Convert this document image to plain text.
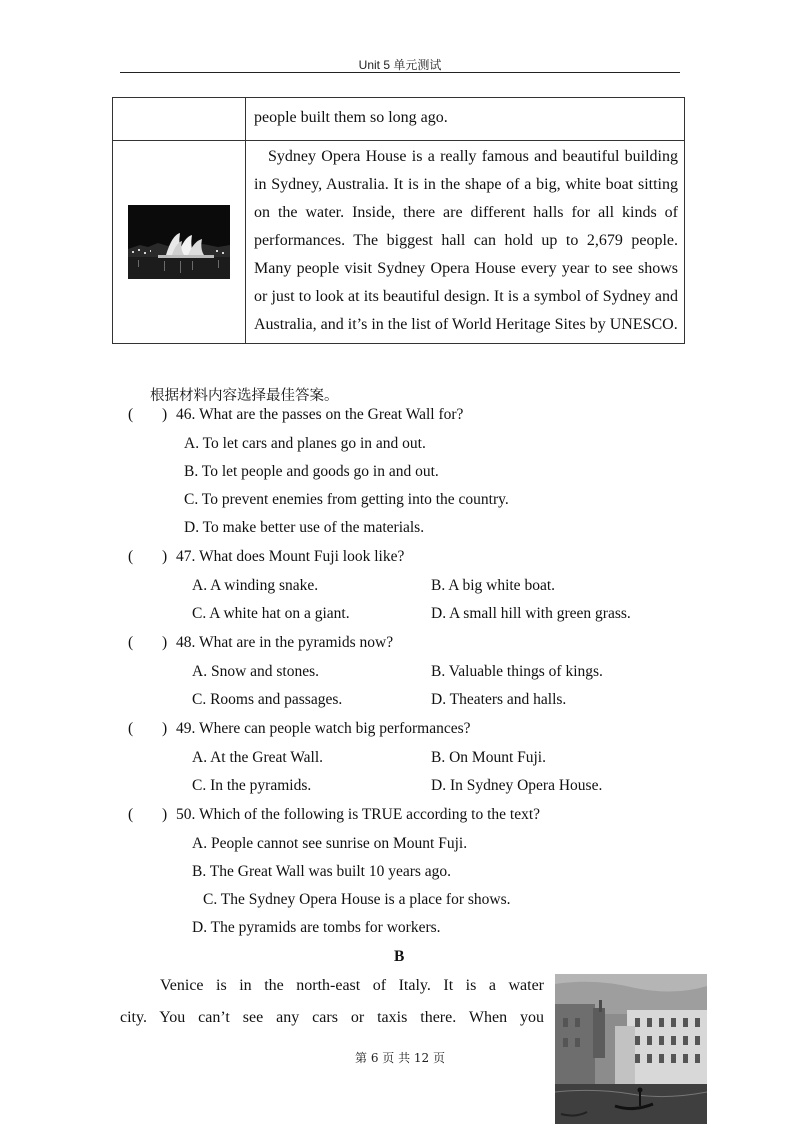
Unit 5 单元测试
	people built them so long ago.

	Sydney Opera House is a really famous and beautiful building in Sydney, Australia. It is in the shape of a big, white boat sitting on the water. Inside, there are different halls for all kinds of performances. The biggest hall can hold up to 2,679 people. Many people visit Sydney Opera House every year to see shows or just to look at its beautiful design. It is a symbol of Sydney and Australia, and it’s in the list of World Heritage Sites by UNESCO.
根据材料内容选择最佳答案。
( ) 46. What are the passes on the Great Wall for?
A. To let cars and planes go in and out.
B. To let people and goods go in and out.
C. To prevent enemies from getting into the country.
D. To make better use of the materials.
( ) 47. What does Mount Fuji look like?
A. A winding snake.	B. A big white boat.
C. A white hat on a giant.	D. A small hill with green grass.
( ) 48. What are in the pyramids now?
A. Snow and stones.	B. Valuable things of kings.
C. Rooms and passages.	D. Theaters and halls.
( ) 49. Where can people watch big performances?
A. At the Great Wall.	B. On Mount Fuji.
C. In the pyramids.	D. In Sydney Opera House.
( ) 50. Which of the following is TRUE according to the text?
A. People cannot see sunrise on Mount Fuji.
B. The Great Wall was built 10 years ago.
C. The Sydney Opera House is a place for shows.
D. The pyramids are tombs for workers.
B
Venice is in the north-east of Italy. It is a water
city. You can’t see any cars or taxis there. When you
第 6 页 共 12 页
